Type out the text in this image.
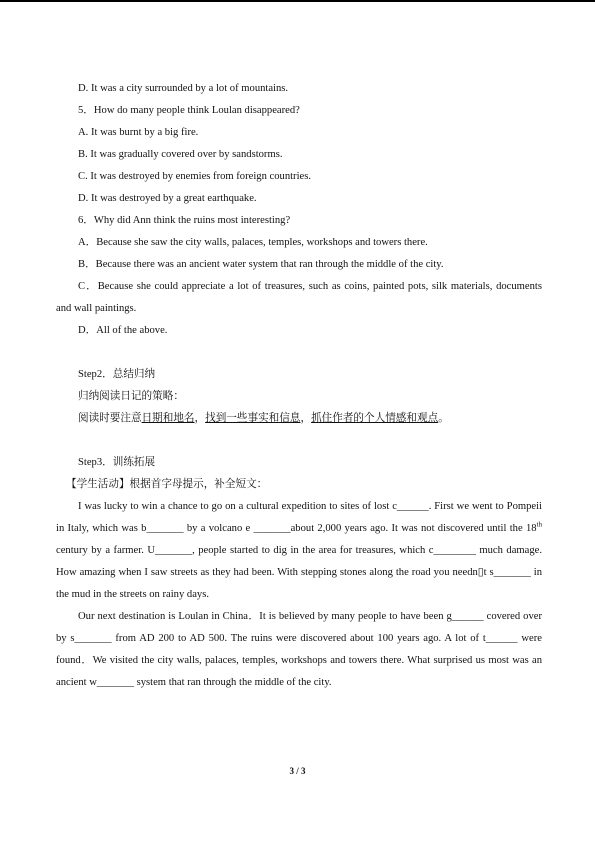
D. It was a city surrounded by a lot of mountains.
5．How do many people think Loulan disappeared?
A. It was burnt by a big fire.
B. It was gradually covered over by sandstorms.
C. It was destroyed by enemies from foreign countries.
D. It was destroyed by a great earthquake.
6．Why did Ann think the ruins most interesting?
A．Because she saw the city walls, palaces, temples, workshops and towers there.
B．Because there was an ancient water system that ran through the middle of the city.
C．Because she could appreciate a lot of treasures, such as coins, painted pots, silk materials, documents and wall paintings.
D．All of the above.
Step2．总结归纳
归纳阅读日记的策略：
阅读时要注意日期和地名，找到一些事实和信息，抓住作者的个人情感和观点。
Step3．训练拓展
【学生活动】根据首字母提示，补全短文：
I was lucky to win a chance to go on a cultural expedition to sites of lost c______. First we went to Pompeii in Italy, which was b_______ by a volcano e _______about 2,000 years ago. It was not discovered until the 18th century by a farmer. U_______, people started to dig in the area for treasures, which c________ much damage. How amazing when I saw streets as they had been. With stepping stones along the road you needn▯t s_______ in the mud in the streets on rainy days.
Our next destination is Loulan in China．It is believed by many people to have been g______ covered over by s_______ from AD 200 to AD 500. The ruins were discovered about 100 years ago. A lot of t______ were found．We visited the city walls, palaces, temples, workshops and towers there. What surprised us most was an ancient w_______ system that ran through the middle of the city.
3 / 3
